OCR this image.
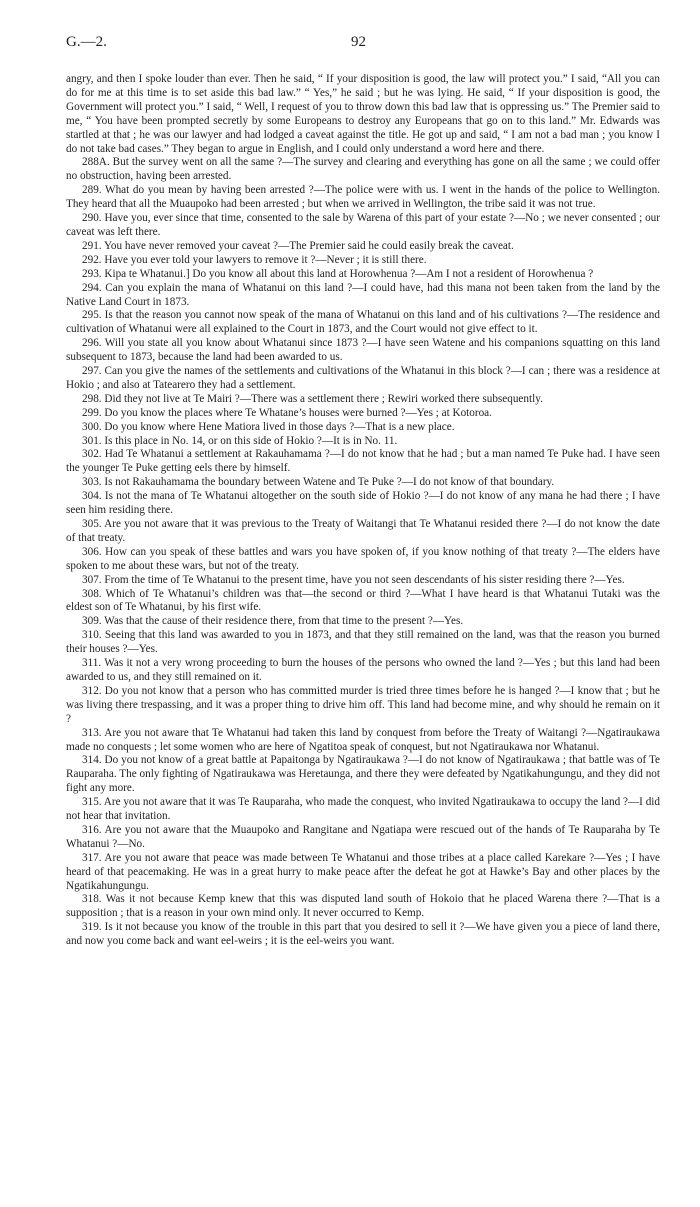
G.—2.	92

angry, and then I spoke louder than ever. Then he said, “ If your disposition is good, the law will protect you.” I said, “All you can do for me at this time is to set aside this bad law.” “ Yes,” he said ; but he was lying. He said, “ If your disposition is good, the Government will protect you.” I said, “ Well, I request of you to throw down this bad law that is oppressing us.” The Premier said to me, “ You have been prompted secretly by some Europeans to destroy any Europeans that go on to this land.” Mr. Edwards was startled at that ; he was our lawyer and had lodged a caveat against the title. He got up and said, “ I am not a bad man ; you know I do not take bad cases.” They began to argue in English, and I could only understand a word here and there.

288A. But the survey went on all the same ?—The survey and clearing and everything has gone on all the same ; we could offer no obstruction, having been arrested.

289. What do you mean by having been arrested ?—The police were with us. I went in the hands of the police to Wellington. They heard that all the Muaupoko had been arrested ; but when we arrived in Wellington, the tribe said it was not true.

290. Have you, ever since that time, consented to the sale by Warena of this part of your estate ?—No ; we never consented ; our caveat was left there.

291. You have never removed your caveat ?—The Premier said he could easily break the caveat.

292. Have you ever told your lawyers to remove it ?—Never ; it is still there.

293. Kipa te Whatanui.] Do you know all about this land at Horowhenua ?—Am I not a resident of Horowhenua ?

294. Can you explain the mana of Whatanui on this land ?—I could have, had this mana not been taken from the land by the Native Land Court in 1873.

295. Is that the reason you cannot now speak of the mana of Whatanui on this land and of his cultivations ?—The residence and cultivation of Whatanui were all explained to the Court in 1873, and the Court would not give effect to it.

296. Will you state all you know about Whatanui since 1873 ?—I have seen Watene and his companions squatting on this land subsequent to 1873, because the land had been awarded to us.

297. Can you give the names of the settlements and cultivations of the Whatanui in this block ?—I can ; there was a residence at Hokio ; and also at Tatearero they had a settlement.

298. Did they not live at Te Mairi ?—There was a settlement there ; Rewiri worked there subsequently.

299. Do you know the places where Te Whatane’s houses were burned ?—Yes ; at Kotoroa.

300. Do you know where Hene Matiora lived in those days ?—That is a new place.

301. Is this place in No. 14, or on this side of Hokio ?—It is in No. 11.

302. Had Te Whatanui a settlement at Rakauhamama ?—I do not know that he had ; but a man named Te Puke had. I have seen the younger Te Puke getting eels there by himself.

303. Is not Rakauhamama the boundary between Watene and Te Puke ?—I do not know of that boundary.

304. Is not the mana of Te Whatanui altogether on the south side of Hokio ?—I do not know of any mana he had there ; I have seen him residing there.

305. Are you not aware that it was previous to the Treaty of Waitangi that Te Whatanui resided there ?—I do not know the date of that treaty.

306. How can you speak of these battles and wars you have spoken of, if you know nothing of that treaty ?—The elders have spoken to me about these wars, but not of the treaty.

307. From the time of Te Whatanui to the present time, have you not seen descendants of his sister residing there ?—Yes.

308. Which of Te Whatanui’s children was that—the second or third ?—What I have heard is that Whatanui Tutaki was the eldest son of Te Whatanui, by his first wife.

309. Was that the cause of their residence there, from that time to the present ?—Yes.

310. Seeing that this land was awarded to you in 1873, and that they still remained on the land, was that the reason you burned their houses ?—Yes.

311. Was it not a very wrong proceeding to burn the houses of the persons who owned the land ?—Yes ; but this land had been awarded to us, and they still remained on it.

312. Do you not know that a person who has committed murder is tried three times before he is hanged ?—I know that ; but he was living there trespassing, and it was a proper thing to drive him off. This land had become mine, and why should he remain on it ?

313. Are you not aware that Te Whatanui had taken this land by conquest from before the Treaty of Waitangi ?—Ngatiraukawa made no conquests ; let some women who are here of Ngatitoa speak of conquest, but not Ngatiraukawa nor Whatanui.

314. Do you not know of a great battle at Papaitonga by Ngatiraukawa ?—I do not know of Ngatiraukawa ; that battle was of Te Rauparaha. The only fighting of Ngatiraukawa was Heretaunga, and there they were defeated by Ngatikahungungu, and they did not fight any more.

315. Are you not aware that it was Te Rauparaha, who made the conquest, who invited Ngatiraukawa to occupy the land ?—I did not hear that invitation.

316. Are you not aware that the Muaupoko and Rangitane and Ngatiapa were rescued out of the hands of Te Rauparaha by Te Whatanui ?—No.

317. Are you not aware that peace was made between Te Whatanui and those tribes at a place called Karekare ?—Yes ; I have heard of that peacemaking. He was in a great hurry to make peace after the defeat he got at Hawke’s Bay and other places by the Ngatikahungungu.

318. Was it not because Kemp knew that this was disputed land south of Hokoio that he placed Warena there ?—That is a supposition ; that is a reason in your own mind only. It never occurred to Kemp.

319. Is it not because you know of the trouble in this part that you desired to sell it ?—We have given you a piece of land there, and now you come back and want eel-weirs ; it is the eel-weirs you want.
